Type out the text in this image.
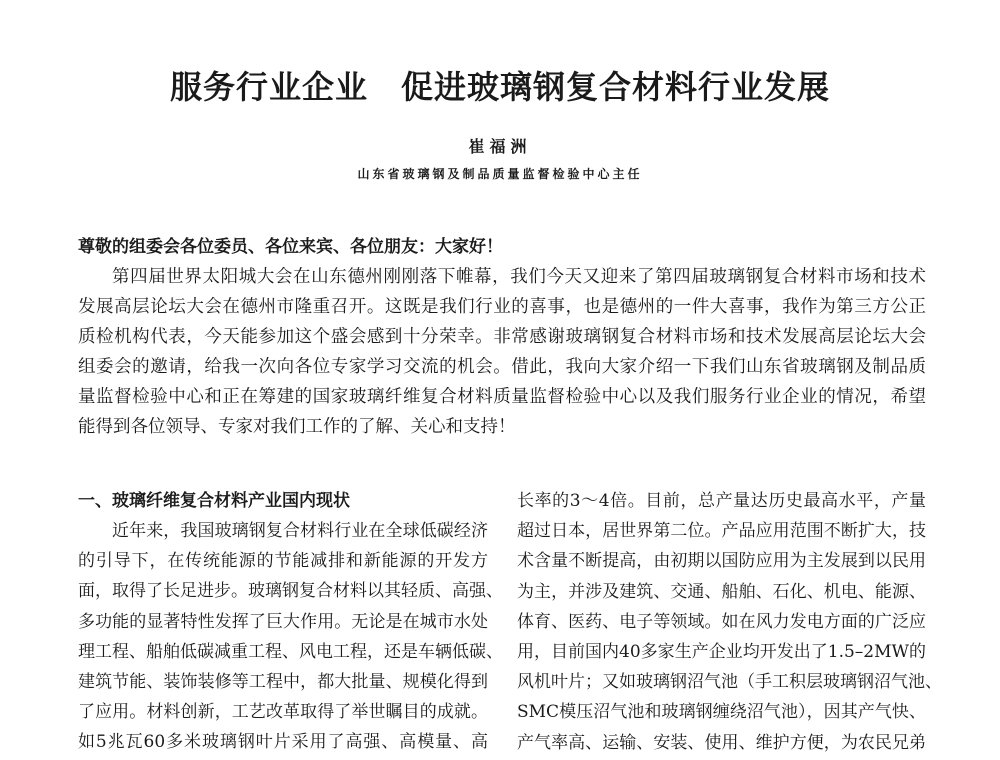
服务行业企业　促进玻璃钢复合材料行业发展
崔福洲
山东省玻璃钢及制品质量监督检验中心主任
尊敬的组委会各位委员、各位来宾、各位朋友：大家好！
第四届世界太阳城大会在山东德州刚刚落下帷幕，我们今天又迎来了第四届玻璃钢复合材料市场和技术
发展高层论坛大会在德州市隆重召开。这既是我们行业的喜事，也是德州的一件大喜事，我作为第三方公正
质检机构代表，今天能参加这个盛会感到十分荣幸。非常感谢玻璃钢复合材料市场和技术发展高层论坛大会
组委会的邀请，给我一次向各位专家学习交流的机会。借此，我向大家介绍一下我们山东省玻璃钢及制品质
量监督检验中心和正在筹建的国家玻璃纤维复合材料质量监督检验中心以及我们服务行业企业的情况，希望
能得到各位领导、专家对我们工作的了解、关心和支持！
一、玻璃纤维复合材料产业国内现状
近年来，我国玻璃钢复合材料行业在全球低碳经济
的引导下，在传统能源的节能减排和新能源的开发方
面，取得了长足进步。玻璃钢复合材料以其轻质、高强、
多功能的显著特性发挥了巨大作用。无论是在城市水处
理工程、船舶低碳减重工程、风电工程，还是车辆低碳、
建筑节能、装饰装修等工程中，都大批量、规模化得到
了应用。材料创新，工艺改革取得了举世瞩目的成就。
如5兆瓦60多米玻璃钢叶片采用了高强、高模量、高
长率的3～4倍。目前，总产量达历史最高水平，产量
超过日本，居世界第二位。产品应用范围不断扩大，技
术含量不断提高，由初期以国防应用为主发展到以民用
为主，并涉及建筑、交通、船舶、石化、机电、能源、
体育、医药、电子等领域。如在风力发电方面的广泛应
用，目前国内40多家生产企业均开发出了1.5–2MW的
风机叶片；又如玻璃钢沼气池（手工积层玻璃钢沼气池、
SMC模压沼气池和玻璃钢缠绕沼气池），因其产气快、
产气率高、运输、安装、使用、维护方便，为农民兄弟
